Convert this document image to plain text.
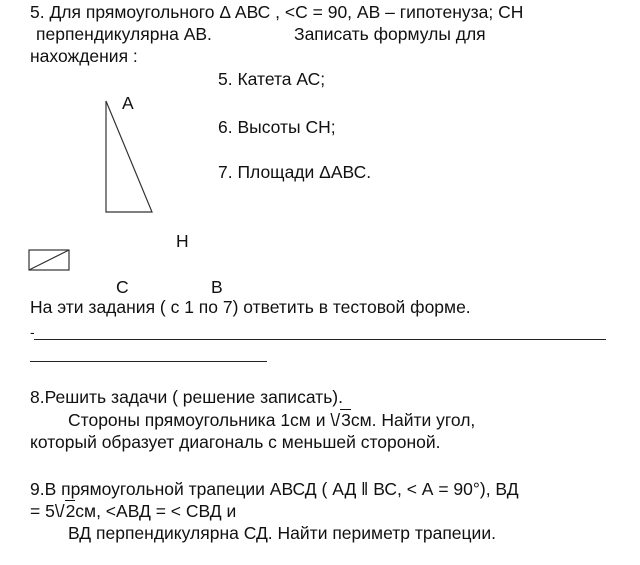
5. Для прямоугольного Δ АВС , <С = 90, АВ – гипотенуза; СН
перпендикулярна АВ.	Записать формулы для
нахождения :
5. Катета АС;
6. Высоты СН;
7. Площади ΔАВС.
А
Н
С	В
На эти задания ( с 1 по 7) ответить в тестовой форме.
-
8.Решить задачи ( решение записать).
Стороны прямоугольника 1см и \/3см. Найти угол,
который образует диагональ с меньшей стороной.
9.В прямоугольной трапеции АВСД ( АД ǁ ВС, < А = 90°), ВД
= 5\/2см, <АВД = < СВД и
ВД перпендикулярна СД. Найти периметр трапеции.
